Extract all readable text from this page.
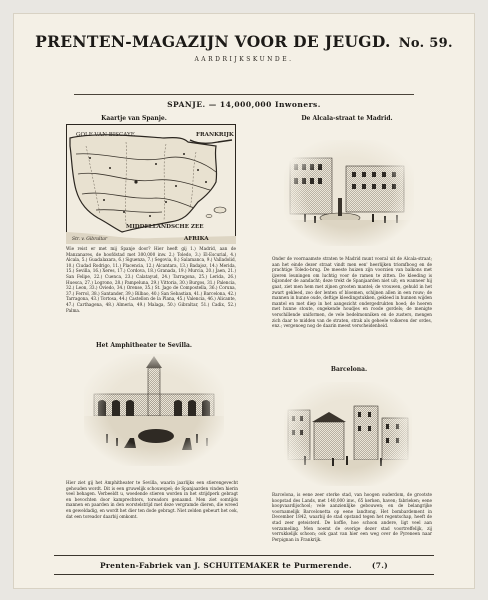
PRENTEN-MAGAZIJN VOOR DE JEUGD. No. 59.
AARDRIJKSKUNDE.
SPANJE. — 14,000,000 Inwoners.
Kaartje van Spanje.
GOLF VAN BISCAYE	FRANKRIJK
MIDDELLANDSCHE ZEE
AFRIKA
Str. v. Gibraltar

Wie reist er met mij Spanje door? Hier heeft gij 1.) Madrid, aan de Manzanares, de hoofdstad met 300,000 inw. 2.) Toledo, 3.) El-Escurial, 4.) Alcala, 5.) Guadalaxara, 6.) Siguenza, 7.) Segovia, 8.) Salamanca, 9.) Valladolid, 10.) Ciudad Rodrigo, 11.) Placencia, 12.) Alcantara, 13.) Badajoz, 14.) Merida, 15.) Sevilla, 16.) Xeres, 17.) Cordova, 18.) Granada, 19.) Murcia, 20.) Jaen, 21.) San Felipe, 22.) Cuenca, 23.) Calatayud, 24.) Tarragona, 25.) Lerida, 26.) Huesca, 27.) Logrono, 28.) Pampeluna, 29.) Vittoria, 30.) Burgos, 31.) Palencia, 32.) Leon, 33.) Oviedo, 34.) Orense, 35.) St. Jago de Compostella, 36.) Coruna, 37.) Ferrol, 38.) Santander, 39.) Bilbao, 40.) San Sebastian, 41.) Barcelona, 42.) Tarragona, 43.) Tortosa, 44.) Castellon de la Plana, 45.) Valencia, 46.) Alicante, 47.) Carthagena, 48.) Almeria, 49.) Malaga, 50.) Gibraltar, 51.) Cadix, 52.) Palma.

De Alcala-straat te Madrid.

Onder de voornaamste straten te Madrid munt vooral uit de Alcala-straat; aan het einde dezer straat vindt men een' heerlijken triomfboog en de prachtige Toledo-brug. De meeste huizen zijn voorzien van balkons met ijzeren leuningen om luchtig voor de ramen te zitten. De kleeding is bijzonder de aandacht; deze trekt de Spanjaarden niet uit; en wanneer hij gaat, ziet men hem met zijnen grooten mantel; de vrouwen, gehuld in het zwart gekleed, zoo der lenten of bloemen, schijnen allen in een rouw; de mannen in hunne oude, deftige kleedingstukken, gekleed in hunnen wijden mantel en met diep in het aangezicht ondergedrukten hoed; de hoeren met hunne stoute, ongekende houdjes en roode gordels; de menigte verschillende uniformen, de vele bedelmonniken en de zusters, mengen zich daar te midden van de straten, strak als geheele volkeren der ordes, enz.; vergenoeg nog de daarin meest verscheidenheid.

Het Amphitheater te Sevilla.

Hier ziet gij het Amphitheater te Sevilla, waarin jaarlijks een stierengevecht gehouden wordt. Dit is een gruwelijk schouwspel; de Spanjaarden vinden hierin veel behagen. Verbeeldt u, woedende stieren worden in het strijdperk gebragt en bevochten door kamprechters, toreadors genaamd. Men ziet somtijds mannen en paarden in den worstelstrijd met deze vergramde dieren, die wreed en geweldadig, en wordt het dier ten dode gebragt. Niet zelden gebeurt het ook, dat een toreador daarbij omkomt.

Barcelona.

Barcelona, is eene zeer sterke stad, van hoogen ouderdom, de grootste koopstad des Lands, met 140,000 inw., 65 kerken, haven; fabrieken; eene koopvaardijschool; vele aanzienlijke gebouwen; en de belangrijke voornamelijk Barcelonetta op eene landtong. Het bombardement in December 1842, waarbij de stad opstand tegen het regentschap, heeft de stad zeer geteisterd. De koffie, hoe schoon andere, ligt veel aan verzameling. Men noemt de overige dezer stad voortreffelijk, zij verrukkelijk schoon; ook gaat van hier een weg over de Pyreneen naar Perpignan in Frankrijk.

Prenten-Fabriek van J. SCHUITEMAKER te Purmerende.	(7.)
